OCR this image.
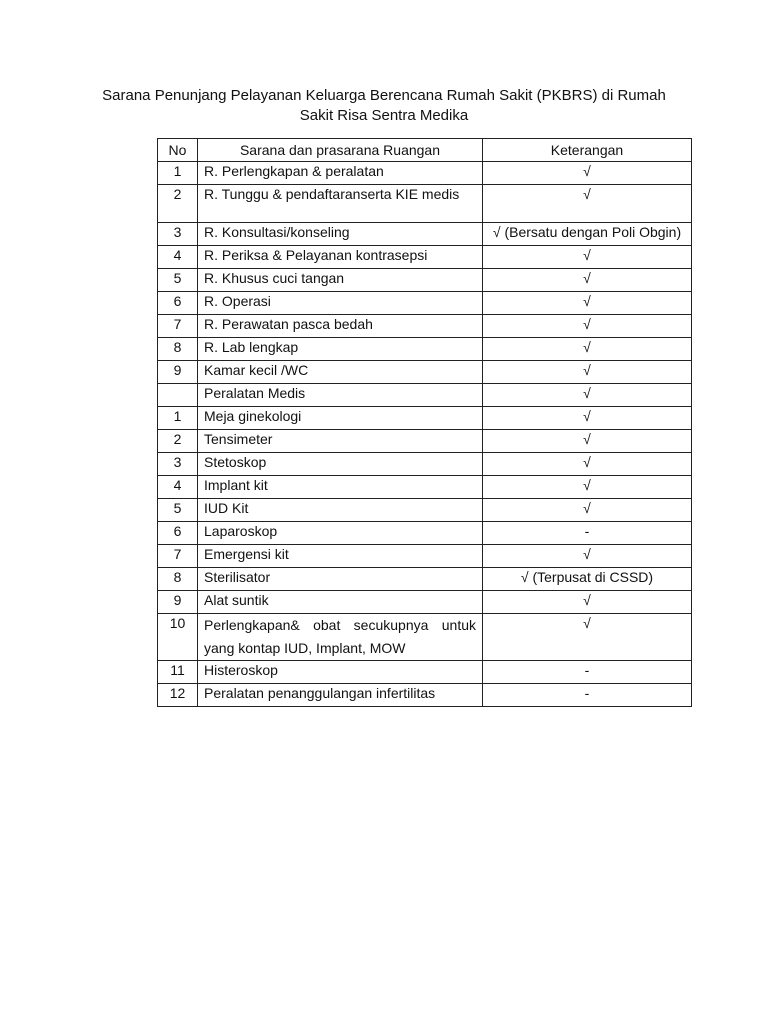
Sarana Penunjang Pelayanan Keluarga Berencana Rumah Sakit (PKBRS) di Rumah
Sakit Risa Sentra Medika
No	Sarana dan prasarana Ruangan	Keterangan
1	R. Perlengkapan & peralatan	√
2	R. Tunggu & pendaftaranserta KIE medis	√
3	R. Konsultasi/konseling	√ (Bersatu dengan Poli Obgin)
4	R. Periksa & Pelayanan kontrasepsi	√
5	R. Khusus cuci tangan	√
6	R. Operasi	√
7	R. Perawatan pasca bedah	√
8	R. Lab lengkap	√
9	Kamar kecil /WC	√
	Peralatan Medis	√
1	Meja ginekologi	√
2	Tensimeter	√
3	Stetoskop	√
4	Implant kit	√
5	IUD Kit	√
6	Laparoskop	-
7	Emergensi kit	√
8	Sterilisator	√ (Terpusat di CSSD)
9	Alat suntik	√
10	Perlengkapan& obat secukupnya untuk yang kontap IUD, Implant, MOW	√
11	Histeroskop	-
12	Peralatan penanggulangan infertilitas	-
